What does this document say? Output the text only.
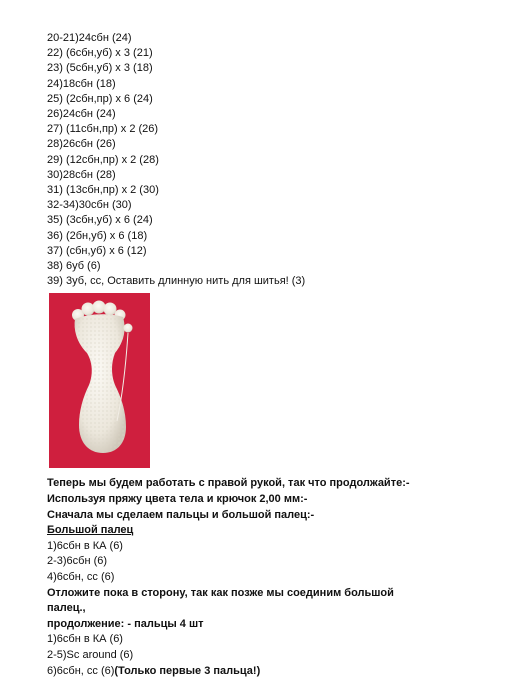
20-21)24сбн (24)
22) (6сбн,уб) x 3 (21)
23) (5сбн,уб) x 3 (18)
24)18сбн (18)
25) (2сбн,пр) x 6 (24)
26)24сбн (24)
27) (11сбн,пр) x 2 (26)
28)26сбн (26)
29) (12сбн,пр) x 2 (28)
30)28сбн (28)
31) (13сбн,пр) x 2 (30)
32-34)30сбн (30)
35) (3сбн,уб) x 6 (24)
36) (2бн,уб) x 6 (18)
37) (сбн,уб) x 6 (12)
38) 6уб (6)
39) 3уб, сс, Оставить длинную нить для шитья! (3)
Теперь мы будем работать с правой рукой, так что продолжайте:-
Используя пряжу цвета тела и крючок 2,00 мм:-
Сначала мы сделаем пальцы и большой палец:-
Большой палец
1)6сбн в КА (6)
2-3)6сбн (6)
4)6сбн, сс (6)
Отложите пока в сторону, так как позже мы соединим большой
палец.,
продолжение: - пальцы 4 шт
1)6сбн в КА (6)
2-5)Sc around (6)
6)6сбн, сс (6)(Только первые 3 пальца!)
